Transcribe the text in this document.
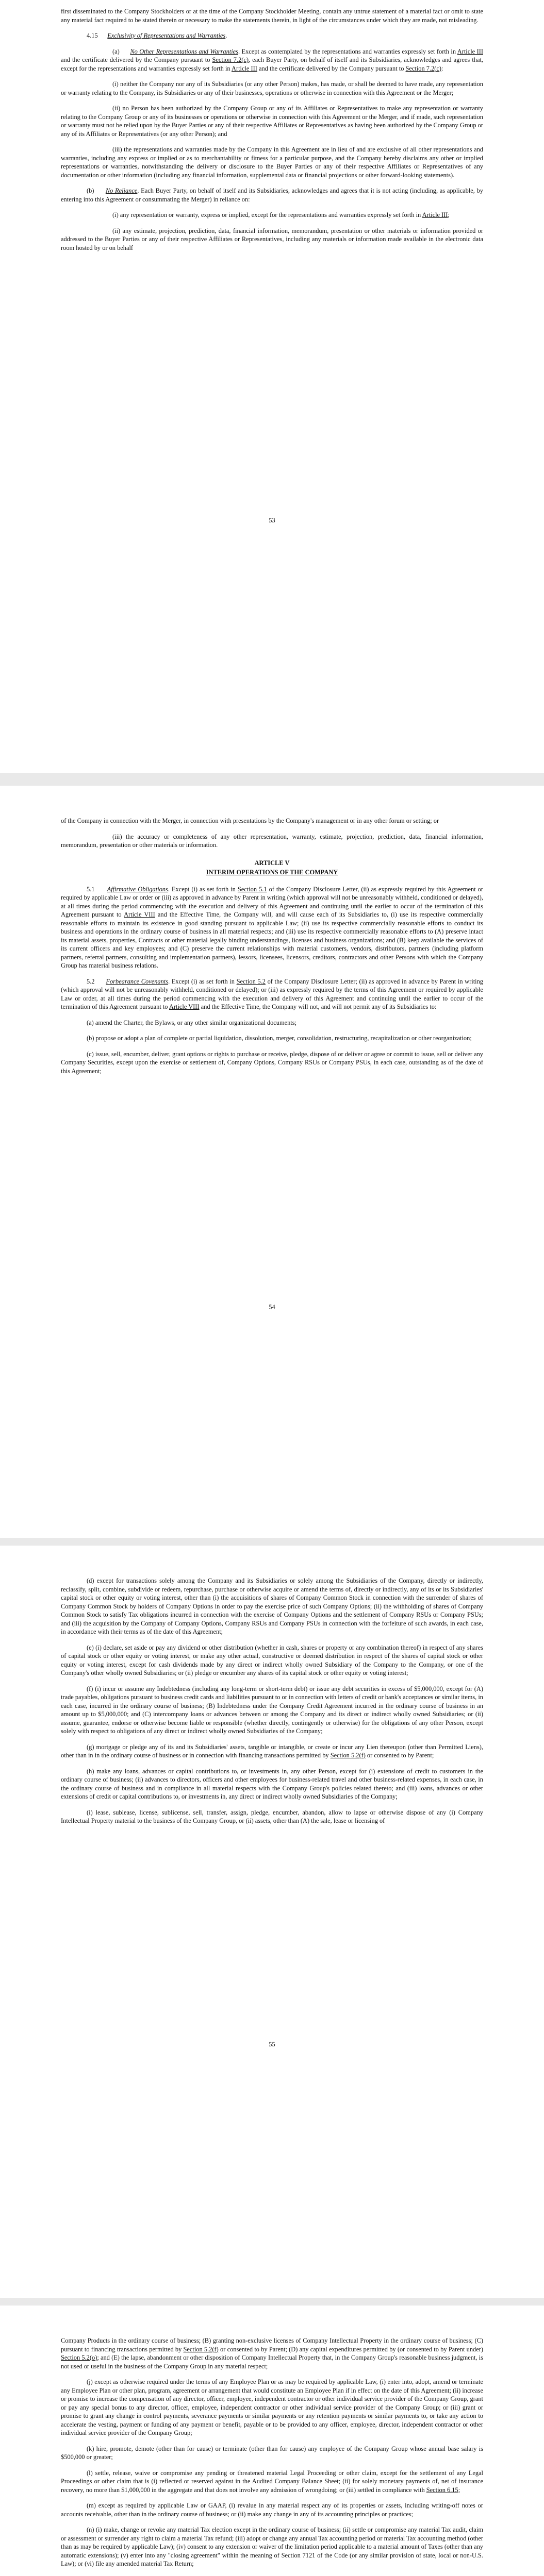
first disseminated to the Company Stockholders or at the time of the Company Stockholder Meeting, contain any untrue statement of a material fact or omit to state any material fact required to be stated therein or necessary to make the statements therein, in light of the circumstances under which they are made, not misleading.

4.15 Exclusivity of Representations and Warranties.

(a) No Other Representations and Warranties. Except as contemplated by the representations and warranties expressly set forth in Article III and the certificate delivered by the Company pursuant to Section 7.2(c), each Buyer Party, on behalf of itself and its Subsidiaries, acknowledges and agrees that, except for the representations and warranties expressly set forth in Article III and the certificate delivered by the Company pursuant to Section 7.2(c):

(i) neither the Company nor any of its Subsidiaries (or any other Person) makes, has made, or shall be deemed to have made, any representation or warranty relating to the Company, its Subsidiaries or any of their businesses, operations or otherwise in connection with this Agreement or the Merger;

(ii) no Person has been authorized by the Company Group or any of its Affiliates or Representatives to make any representation or warranty relating to the Company Group or any of its businesses or operations or otherwise in connection with this Agreement or the Merger, and if made, such representation or warranty must not be relied upon by the Buyer Parties or any of their respective Affiliates or Representatives as having been authorized by the Company Group or any of its Affiliates or Representatives (or any other Person); and

(iii) the representations and warranties made by the Company in this Agreement are in lieu of and are exclusive of all other representations and warranties, including any express or implied or as to merchantability or fitness for a particular purpose, and the Company hereby disclaims any other or implied representations or warranties, notwithstanding the delivery or disclosure to the Buyer Parties or any of their respective Affiliates or Representatives of any documentation or other information (including any financial information, supplemental data or financial projections or other forward-looking statements).

(b) No Reliance. Each Buyer Party, on behalf of itself and its Subsidiaries, acknowledges and agrees that it is not acting (including, as applicable, by entering into this Agreement or consummating the Merger) in reliance on:

(i) any representation or warranty, express or implied, except for the representations and warranties expressly set forth in Article III;

(ii) any estimate, projection, prediction, data, financial information, memorandum, presentation or other materials or information provided or addressed to the Buyer Parties or any of their respective Affiliates or Representatives, including any materials or information made available in the electronic data room hosted by or on behalf

53

of the Company in connection with the Merger, in connection with presentations by the Company's management or in any other forum or setting; or

(iii) the accuracy or completeness of any other representation, warranty, estimate, projection, prediction, data, financial information, memorandum, presentation or other materials or information.

ARTICLE V
INTERIM OPERATIONS OF THE COMPANY

5.1 Affirmative Obligations. Except (i) as set forth in Section 5.1 of the Company Disclosure Letter, (ii) as expressly required by this Agreement or required by applicable Law or order or (iii) as approved in advance by Parent in writing (which approval will not be unreasonably withheld, conditioned or delayed), at all times during the period commencing with the execution and delivery of this Agreement and continuing until the earlier to occur of the termination of this Agreement pursuant to Article VIII and the Effective Time, the Company will, and will cause each of its Subsidiaries to, (i) use its respective commercially reasonable efforts to maintain its existence in good standing pursuant to applicable Law; (ii) use its respective commercially reasonable efforts to conduct its business and operations in the ordinary course of business in all material respects; and (iii) use its respective commercially reasonable efforts to (A) preserve intact its material assets, properties, Contracts or other material legally binding understandings, licenses and business organizations; and (B) keep available the services of its current officers and key employees; and (C) preserve the current relationships with material customers, vendors, distributors, partners (including platform partners, referral partners, consulting and implementation partners), lessors, licensees, licensors, creditors, contractors and other Persons with which the Company Group has material business relations.

5.2 Forbearance Covenants. Except (i) as set forth in Section 5.2 of the Company Disclosure Letter; (ii) as approved in advance by Parent in writing (which approval will not be unreasonably withheld, conditioned or delayed); or (iii) as expressly required by the terms of this Agreement or required by applicable Law or order, at all times during the period commencing with the execution and delivery of this Agreement and continuing until the earlier to occur of the termination of this Agreement pursuant to Article VIII and the Effective Time, the Company will not, and will not permit any of its Subsidiaries to:

(a) amend the Charter, the Bylaws, or any other similar organizational documents;

(b) propose or adopt a plan of complete or partial liquidation, dissolution, merger, consolidation, restructuring, recapitalization or other reorganization;

(c) issue, sell, encumber, deliver, grant options or rights to purchase or receive, pledge, dispose of or deliver or agree or commit to issue, sell or deliver any Company Securities, except upon the exercise or settlement of, Company Options, Company RSUs or Company PSUs, in each case, outstanding as of the date of this Agreement;

54

(d) except for transactions solely among the Company and its Subsidiaries or solely among the Subsidiaries of the Company, directly or indirectly, reclassify, split, combine, subdivide or redeem, repurchase, purchase or otherwise acquire or amend the terms of, directly or indirectly, any of its or its Subsidiaries' capital stock or other equity or voting interest, other than (i) the acquisitions of shares of Company Common Stock in connection with the surrender of shares of Company Common Stock by holders of Company Options in order to pay the exercise price of such Company Options; (ii) the withholding of shares of Company Common Stock to satisfy Tax obligations incurred in connection with the exercise of Company Options and the settlement of Company RSUs or Company PSUs; and (iii) the acquisition by the Company of Company Options, Company RSUs and Company PSUs in connection with the forfeiture of such awards, in each case, in accordance with their terms as of the date of this Agreement;

(e) (i) declare, set aside or pay any dividend or other distribution (whether in cash, shares or property or any combination thereof) in respect of any shares of capital stock or other equity or voting interest, or make any other actual, constructive or deemed distribution in respect of the shares of capital stock or other equity or voting interest, except for cash dividends made by any direct or indirect wholly owned Subsidiary of the Company to the Company, or one of the Company's other wholly owned Subsidiaries; or (ii) pledge or encumber any shares of its capital stock or other equity or voting interest;

(f) (i) incur or assume any Indebtedness (including any long-term or short-term debt) or issue any debt securities in excess of $5,000,000, except for (A) trade payables, obligations pursuant to business credit cards and liabilities pursuant to or in connection with letters of credit or bank's acceptances or similar items, in each case, incurred in the ordinary course of business; (B) Indebtedness under the Company Credit Agreement incurred in the ordinary course of business in an amount up to $5,000,000; and (C) intercompany loans or advances between or among the Company and its direct or indirect wholly owned Subsidiaries; or (ii) assume, guarantee, endorse or otherwise become liable or responsible (whether directly, contingently or otherwise) for the obligations of any other Person, except solely with respect to obligations of any direct or indirect wholly owned Subsidiaries of the Company;

(g) mortgage or pledge any of its and its Subsidiaries' assets, tangible or intangible, or create or incur any Lien thereupon (other than Permitted Liens), other than in in the ordinary course of business or in connection with financing transactions permitted by Section 5.2(f) or consented to by Parent;

(h) make any loans, advances or capital contributions to, or investments in, any other Person, except for (i) extensions of credit to customers in the ordinary course of business; (ii) advances to directors, officers and other employees for business-related travel and other business-related expenses, in each case, in the ordinary course of business and in compliance in all material respects with the Company Group's policies related thereto; and (iii) loans, advances or other extensions of credit or capital contributions to, or investments in, any direct or indirect wholly owned Subsidiaries of the Company;

(i) lease, sublease, license, sublicense, sell, transfer, assign, pledge, encumber, abandon, allow to lapse or otherwise dispose of any (i) Company Intellectual Property material to the business of the Company Group, or (ii) assets, other than (A) the sale, lease or licensing of

55

Company Products in the ordinary course of business; (B) granting non-exclusive licenses of Company Intellectual Property in the ordinary course of business; (C) pursuant to financing transactions permitted by Section 5.2(f) or consented to by Parent; (D) any capital expenditures permitted by (or consented to by Parent under) Section 5.2(o); and (E) the lapse, abandonment or other disposition of Company Intellectual Property that, in the Company Group's reasonable business judgment, is not used or useful in the business of the Company Group in any material respect;

(j) except as otherwise required under the terms of any Employee Plan or as may be required by applicable Law, (i) enter into, adopt, amend or terminate any Employee Plan or other plan, program, agreement or arrangement that would constitute an Employee Plan if in effect on the date of this Agreement; (ii) increase or promise to increase the compensation of any director, officer, employee, independent contractor or other individual service provider of the Company Group, grant or pay any special bonus to any director, officer, employee, independent contractor or other individual service provider of the Company Group; or (iii) grant or promise to grant any change in control payments, severance payments or similar payments or any retention payments or similar payments to, or take any action to accelerate the vesting, payment or funding of any payment or benefit, payable or to be provided to any officer, employee, director, independent contractor or other individual service provider of the Company Group;

(k) hire, promote, demote (other than for cause) or terminate (other than for cause) any employee of the Company Group whose annual base salary is $500,000 or greater;

(l) settle, release, waive or compromise any pending or threatened material Legal Proceeding or other claim, except for the settlement of any Legal Proceedings or other claim that is (i) reflected or reserved against in the Audited Company Balance Sheet; (ii) for solely monetary payments of, net of insurance recovery, no more than $1,000,000 in the aggregate and that does not involve any admission of wrongdoing; or (iii) settled in compliance with Section 6.15;

(m) except as required by applicable Law or GAAP, (i) revalue in any material respect any of its properties or assets, including writing-off notes or accounts receivable, other than in the ordinary course of business; or (ii) make any change in any of its accounting principles or practices;

(n) (i) make, change or revoke any material Tax election except in the ordinary course of business; (ii) settle or compromise any material Tax audit, claim or assessment or surrender any right to claim a material Tax refund; (iii) adopt or change any annual Tax accounting period or material Tax accounting method (other than as may be required by applicable Law); (iv) consent to any extension or waiver of the limitation period applicable to a material amount of Taxes (other than any automatic extensions); (v) enter into any "closing agreement" within the meaning of Section 7121 of the Code (or any similar provision of state, local or non-U.S. Law); or (vi) file any amended material Tax Return;
